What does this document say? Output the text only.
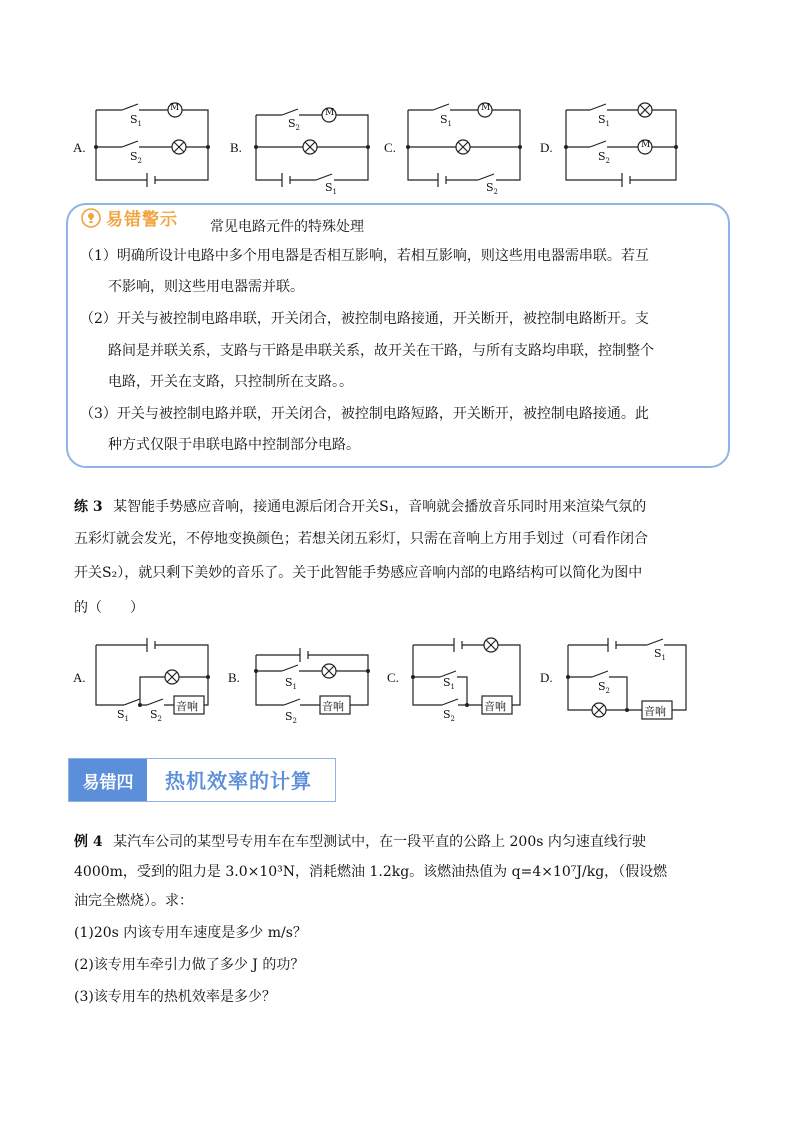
A.	B.	C.	D.
M	M	M
M
$S_1$
$S_2$
$S_2$
$S_1$
$S_1$
$S_2$
$S_1$
$S_2$
易错警示 常见电路元件的特殊处理
（1）明确所设计电路中多个用电器是否相互影响，若相互影响，则这些用电器需串联。若互
不影响，则这些用电器需并联。
（2）开关与被控制电路串联，开关闭合，被控制电路接通，开关断开，被控制电路断开。支
路间是并联关系，支路与干路是串联关系，故开关在干路，与所有支路均串联，控制整个
电路，开关在支路，只控制所在支路。。
（3）开关与被控制电路并联，开关闭合，被控制电路短路，开关断开，被控制电路接通。此
种方式仅限于串联电路中控制部分电路。
练 3 某智能手势感应音响，接通电源后闭合开关S₁，音响就会播放音乐同时用来渲染气氛的
五彩灯就会发光，不停地变换颜色；若想关闭五彩灯，只需在音响上方用手划过（可看作闭合
开关S₂），就只剩下美妙的音乐了。关于此智能手势感应音响内部的电路结构可以简化为图中
的（　　）
A.	B.	C.	D.
音响	音响	音响	音响
$S_1$ $S_2$
$S_1$
$S_2$
$S_1$
$S_2$
$S_1$
$S_2$
易错四	热机效率的计算
例 4 某汽车公司的某型号专用车在车型测试中，在一段平直的公路上 200s 内匀速直线行驶
4000m，受到的阻力是 3.0×10³N，消耗燃油 1.2kg。该燃油热值为 q=4×10⁷J/kg，（假设燃
油完全燃烧）。求：
(1)20s 内该专用车速度是多少 m/s？
(2)该专用车牵引力做了多少 J 的功？
(3)该专用车的热机效率是多少？
